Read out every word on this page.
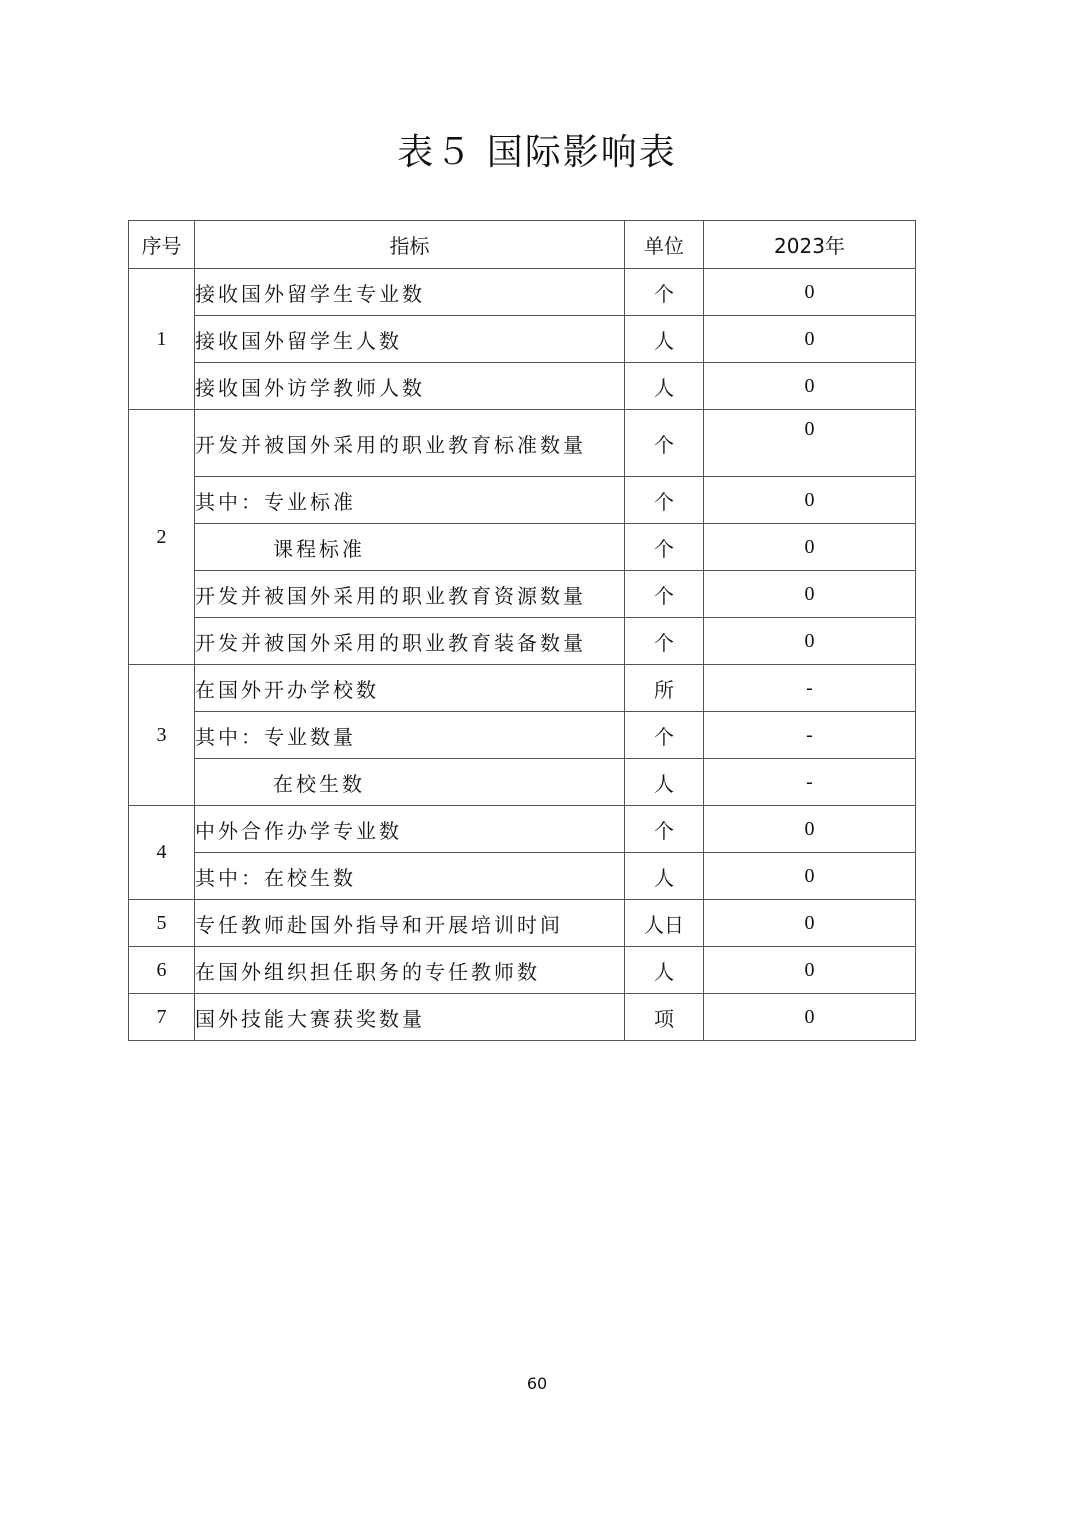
表５ 国际影响表
序号	指标	单位	2023年
1	接收国外留学生专业数	个	0
	接收国外留学生人数	人	0
	接收国外访学教师人数	人	0
2	开发并被国外采用的职业教育标准数量	个	0
	其中：专业标准	个	0
	课程标准	个	0
	开发并被国外采用的职业教育资源数量	个	0
	开发并被国外采用的职业教育装备数量	个	0
3	在国外开办学校数	所	-
	其中：专业数量	个	-
	在校生数	人	-
4	中外合作办学专业数	个	0
	其中：在校生数	人	0
5	专任教师赴国外指导和开展培训时间	人日	0
6	在国外组织担任职务的专任教师数	人	0
7	国外技能大赛获奖数量	项	0
60
